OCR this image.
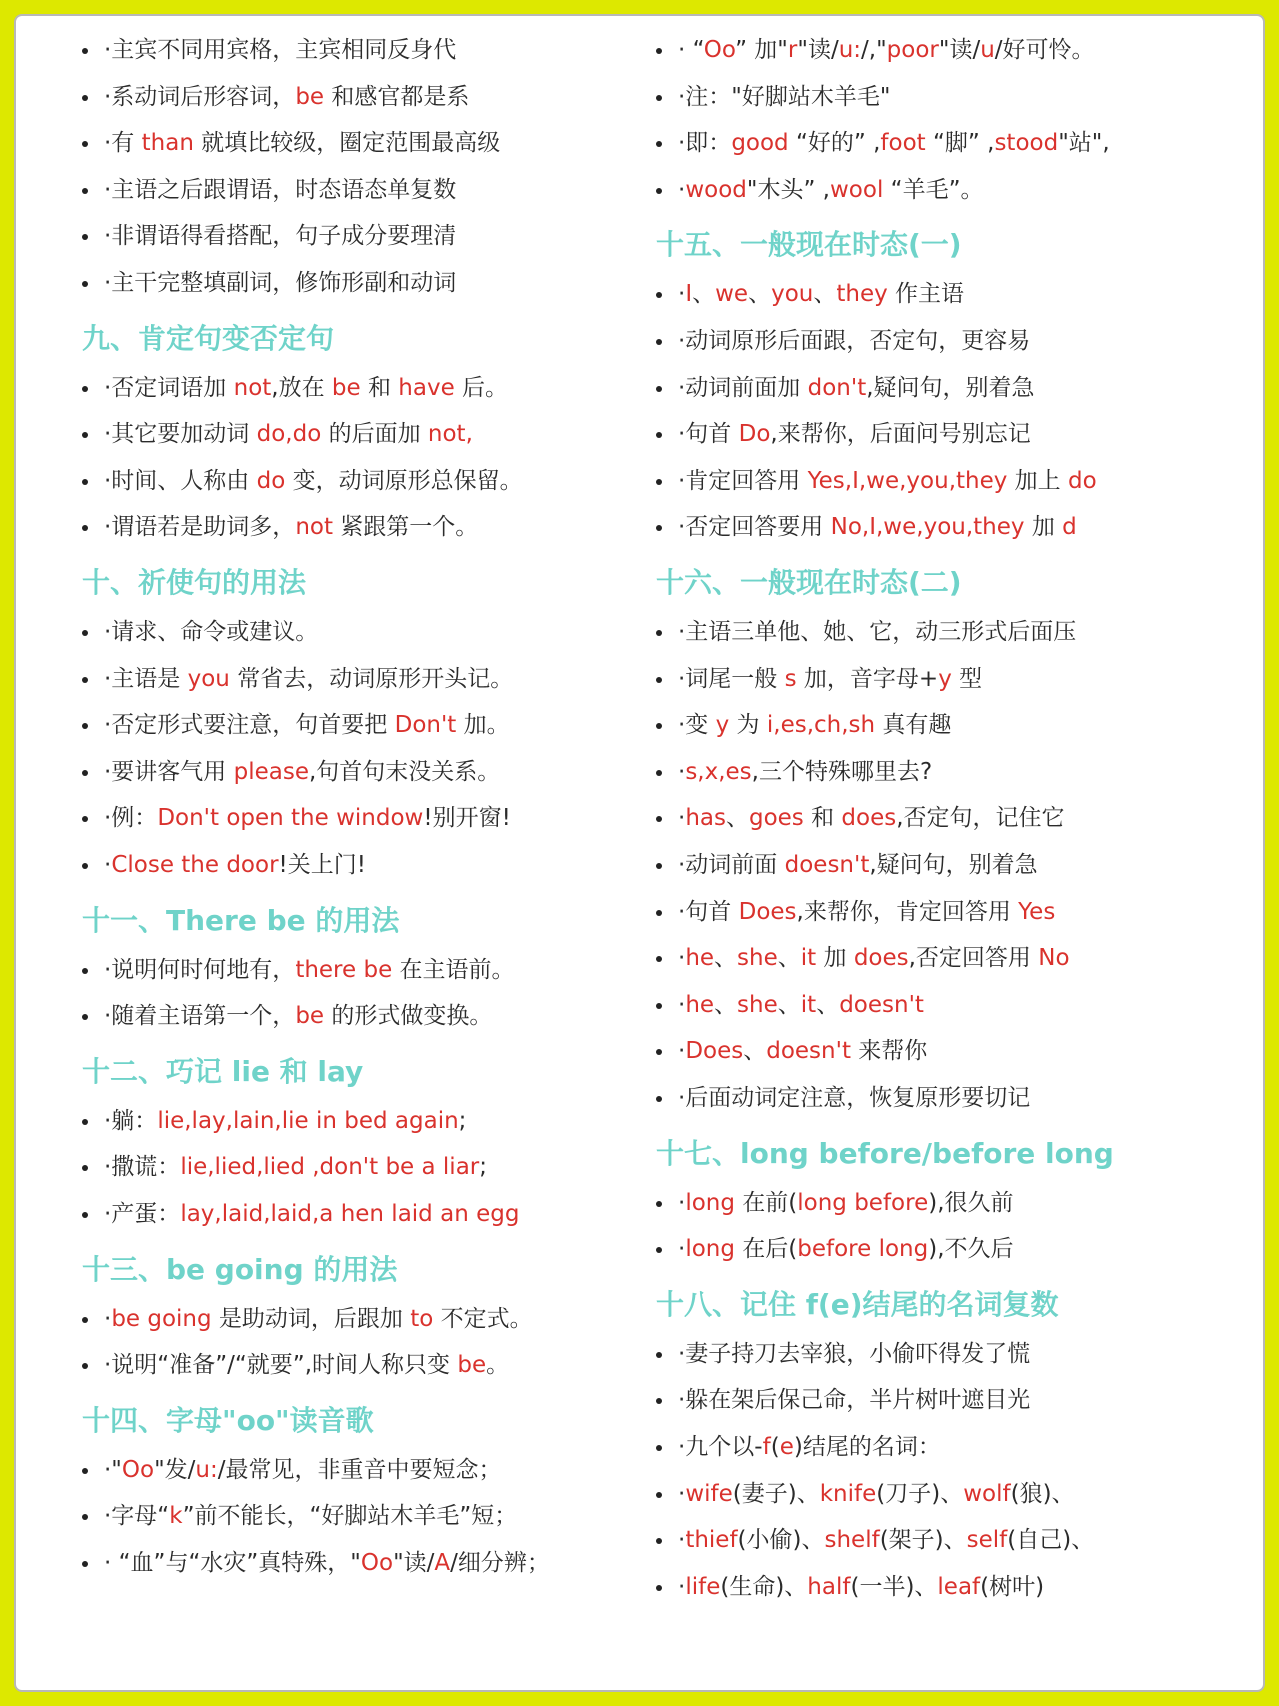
·主宾不同用宾格，主宾相同反身代
·系动词后形容词，be 和感官都是系
·有 than 就填比较级，圈定范围最高级
·主语之后跟谓语，时态语态单复数
·非谓语得看搭配，句子成分要理清
·主干完整填副词，修饰形副和动词
九、肯定句变否定句
·否定词语加 not,放在 be 和 have 后。
·其它要加动词 do,do 的后面加 not,
·时间、人称由 do 变，动词原形总保留。
·谓语若是助词多，not 紧跟第一个。
十、祈使句的用法
·请求、命令或建议。
·主语是 you 常省去，动词原形开头记。
·否定形式要注意，句首要把 Don't 加。
·要讲客气用 please,句首句末没关系。
·例：Don't open the window!别开窗!
·Close the door!关上门!
十一、There be 的用法
·说明何时何地有，there be 在主语前。
·随着主语第一个，be 的形式做变换。
十二、巧记 lie 和 lay
·躺：lie,lay,lain,lie in bed again;
·撒谎：lie,lied,lied ,don't be a liar;
·产蛋：lay,laid,laid,a hen laid an egg
十三、be going 的用法
·be going 是助动词，后跟加 to 不定式。
·说明“准备”/“就要”,时间人称只变 be。
十四、字母"oo"读音歌
·"Oo"发/u:/最常见，非重音中要短念；
·字母“k”前不能长，“好脚站木羊毛”短；
· “血”与“水灾”真特殊，"Oo"读/A/细分辨；
· “Oo” 加"r"读/u:/,"poor"读/u/好可怜。
·注："好脚站木羊毛"
·即：good “好的” ,foot “脚” ,stood"站",
·wood"木头” ,wool “羊毛”。
十五、一般现在时态(一)
·I、we、you、they 作主语
·动词原形后面跟，否定句，更容易
·动词前面加 don't,疑问句，别着急
·句首 Do,来帮你，后面问号别忘记
·肯定回答用 Yes,I,we,you,they 加上 do
·否定回答要用 No,I,we,you,they 加 d
十六、一般现在时态(二)
·主语三单他、她、它，动三形式后面压
·词尾一般 s 加，音字母+y 型
·变 y 为 i,es,ch,sh 真有趣
·s,x,es,三个特殊哪里去?
·has、goes 和 does,否定句，记住它
·动词前面 doesn't,疑问句，别着急
·句首 Does,来帮你，肯定回答用 Yes
·he、she、it 加 does,否定回答用 No
·he、she、it、doesn't
·Does、doesn't 来帮你
·后面动词定注意，恢复原形要切记
十七、long before/before long
·long 在前(long before),很久前
·long 在后(before long),不久后
十八、记住 f(e)结尾的名词复数
·妻子持刀去宰狼，小偷吓得发了慌
·躲在架后保己命，半片树叶遮目光
·九个以-f(e)结尾的名词：
·wife(妻子)、knife(刀子)、wolf(狼)、
·thief(小偷)、shelf(架子)、self(自己)、
·life(生命)、half(一半)、leaf(树叶)
